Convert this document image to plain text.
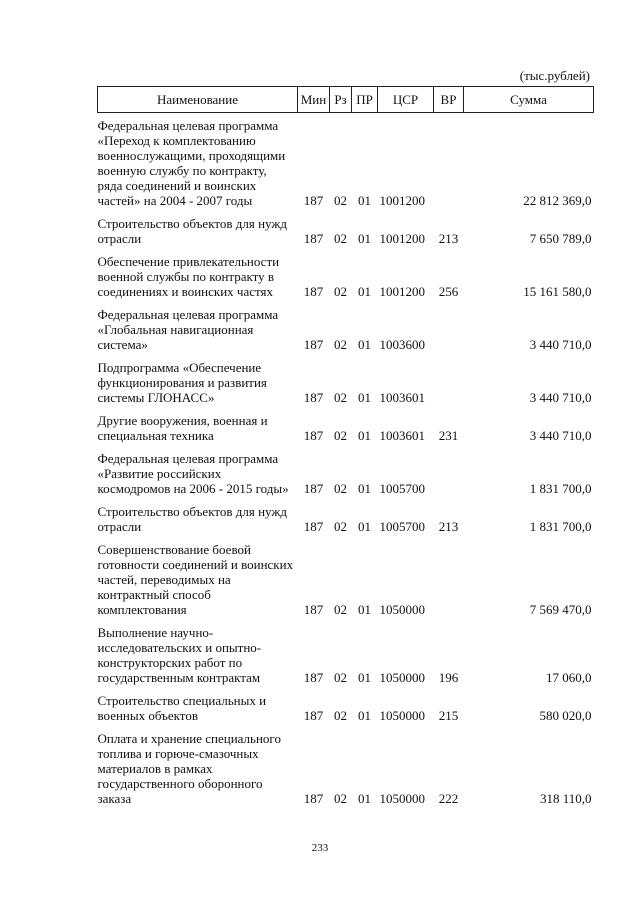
(тыс.рублей)
Наименование	Мин	Рз	ПР	ЦСР	ВР	Сумма
Федеральная целевая программа «Переход к комплектованию военнослужащими, проходящими военную службу по контракту, ряда соединений и воинских частей» на 2004 - 2007 годы	187	02	01	1001200		22 812 369,0
Строительство объектов для нужд отрасли	187	02	01	1001200	213	7 650 789,0
Обеспечение привлекательности военной службы по контракту в соединениях и воинских частях	187	02	01	1001200	256	15 161 580,0
Федеральная целевая программа «Глобальная навигационная система»	187	02	01	1003600		3 440 710,0
Подпрограмма «Обеспечение функционирования и развития системы ГЛОНАСС»	187	02	01	1003601		3 440 710,0
Другие вооружения, военная и специальная техника	187	02	01	1003601	231	3 440 710,0
Федеральная целевая программа «Развитие российских космодромов на 2006 - 2015 годы»	187	02	01	1005700		1 831 700,0
Строительство объектов для нужд отрасли	187	02	01	1005700	213	1 831 700,0
Совершенствование боевой готовности соединений и воинских частей, переводимых на контрактный способ комплектования	187	02	01	1050000		7 569 470,0
Выполнение научно-исследовательских и опытно-конструкторских работ по государственным контрактам	187	02	01	1050000	196	17 060,0
Строительство специальных и военных объектов	187	02	01	1050000	215	580 020,0
Оплата и хранение специального топлива и горюче-смазочных материалов в рамках государственного оборонного заказа	187	02	01	1050000	222	318 110,0
233
